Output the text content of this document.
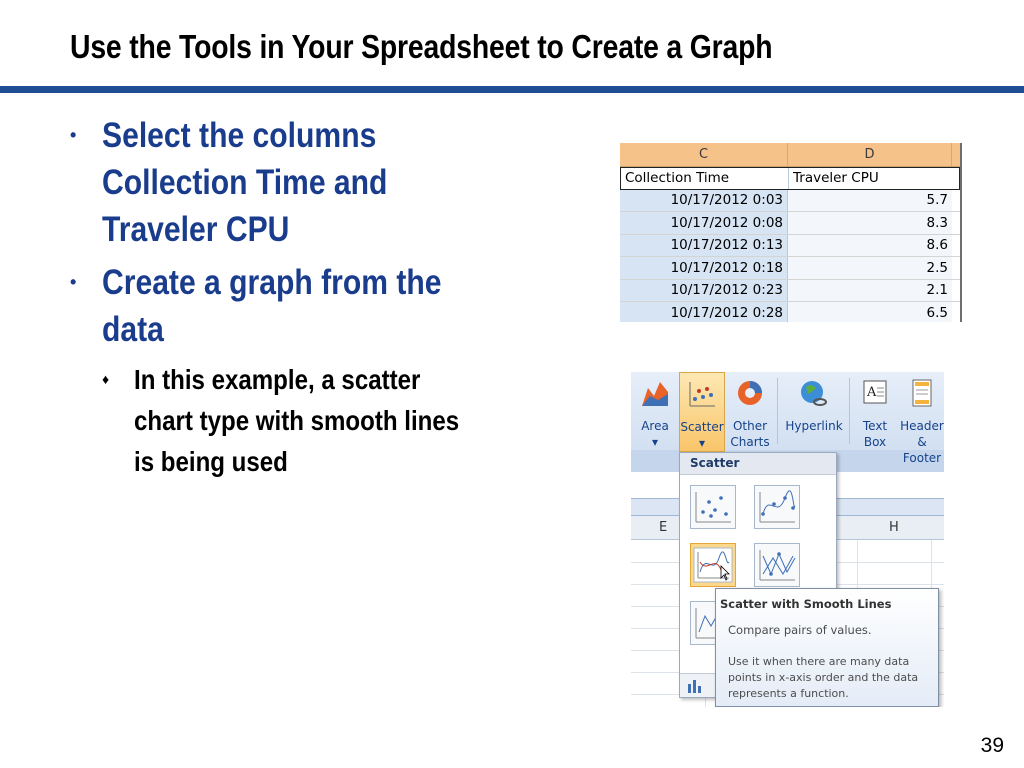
Use the Tools in Your Spreadsheet to Create a Graph
• Select the columns Collection Time and Traveler CPU
• Create a graph from the data
♦ In this example, a scatter chart type with smooth lines is being used
C	D
Collection Time	Traveler CPU
10/17/2012 0:03	5.7
10/17/2012 0:08	8.3
10/17/2012 0:13	8.6
10/17/2012 0:18	2.5
10/17/2012 0:23	2.1
10/17/2012 0:28	6.5
Area
▾
Scatter
▾
Other
Charts
Hyperlink
A
Text
Box
Header
& Footer
E	H
Scatter
Scatter with Smooth Lines
Compare pairs of values.
Use it when there are many data points in x-axis order and the data represents a function.
39
